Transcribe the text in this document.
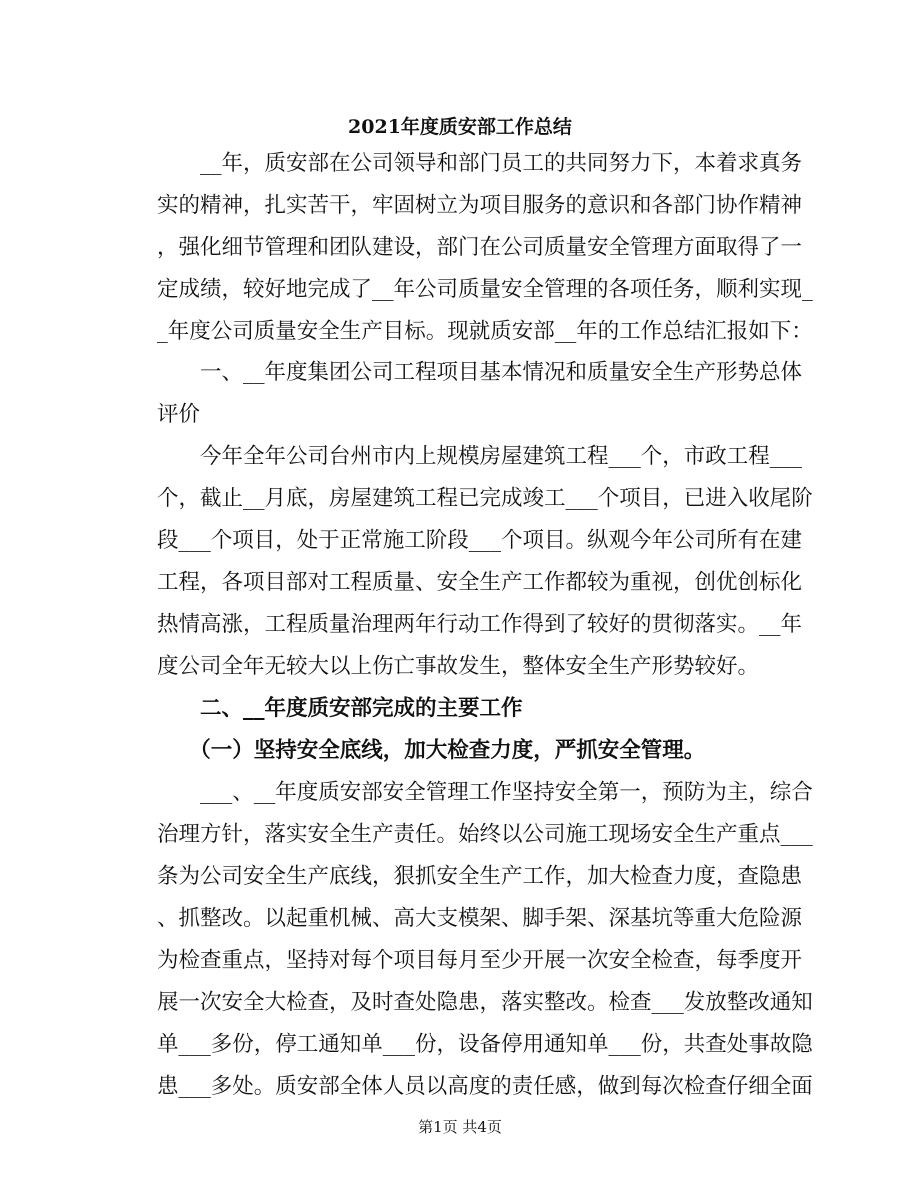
2021年度质安部工作总结
　　__年，质安部在公司领导和部门员工的共同努力下，本着求真务
实的精神，扎实苦干，牢固树立为项目服务的意识和各部门协作精神
，强化细节管理和团队建设，部门在公司质量安全管理方面取得了一
定成绩，较好地完成了__年公司质量安全管理的各项任务，顺利实现_
_年度公司质量安全生产目标。现就质安部__年的工作总结汇报如下：
　　一、__年度集团公司工程项目基本情况和质量安全生产形势总体
评价
　　今年全年公司台州市内上规模房屋建筑工程___个，市政工程___
个，截止__月底，房屋建筑工程已完成竣工___个项目，已进入收尾阶
段___个项目，处于正常施工阶段___个项目。纵观今年公司所有在建
工程，各项目部对工程质量、安全生产工作都较为重视，创优创标化
热情高涨，工程质量治理两年行动工作得到了较好的贯彻落实。__年
度公司全年无较大以上伤亡事故发生，整体安全生产形势较好。
　　二、__年度质安部完成的主要工作
　　（一）坚持安全底线，加大检查力度，严抓安全管理。
　　___、__年度质安部安全管理工作坚持安全第一，预防为主，综合
治理方针，落实安全生产责任。始终以公司施工现场安全生产重点___
条为公司安全生产底线，狠抓安全生产工作，加大检查力度，查隐患
、抓整改。以起重机械、高大支模架、脚手架、深基坑等重大危险源
为检查重点，坚持对每个项目每月至少开展一次安全检查，每季度开
展一次安全大检查，及时查处隐患，落实整改。检查___发放整改通知
单___多份，停工通知单___份，设备停用通知单___份，共查处事故隐
患___多处。质安部全体人员以高度的责任感，做到每次检查仔细全面
第1页 共4页
